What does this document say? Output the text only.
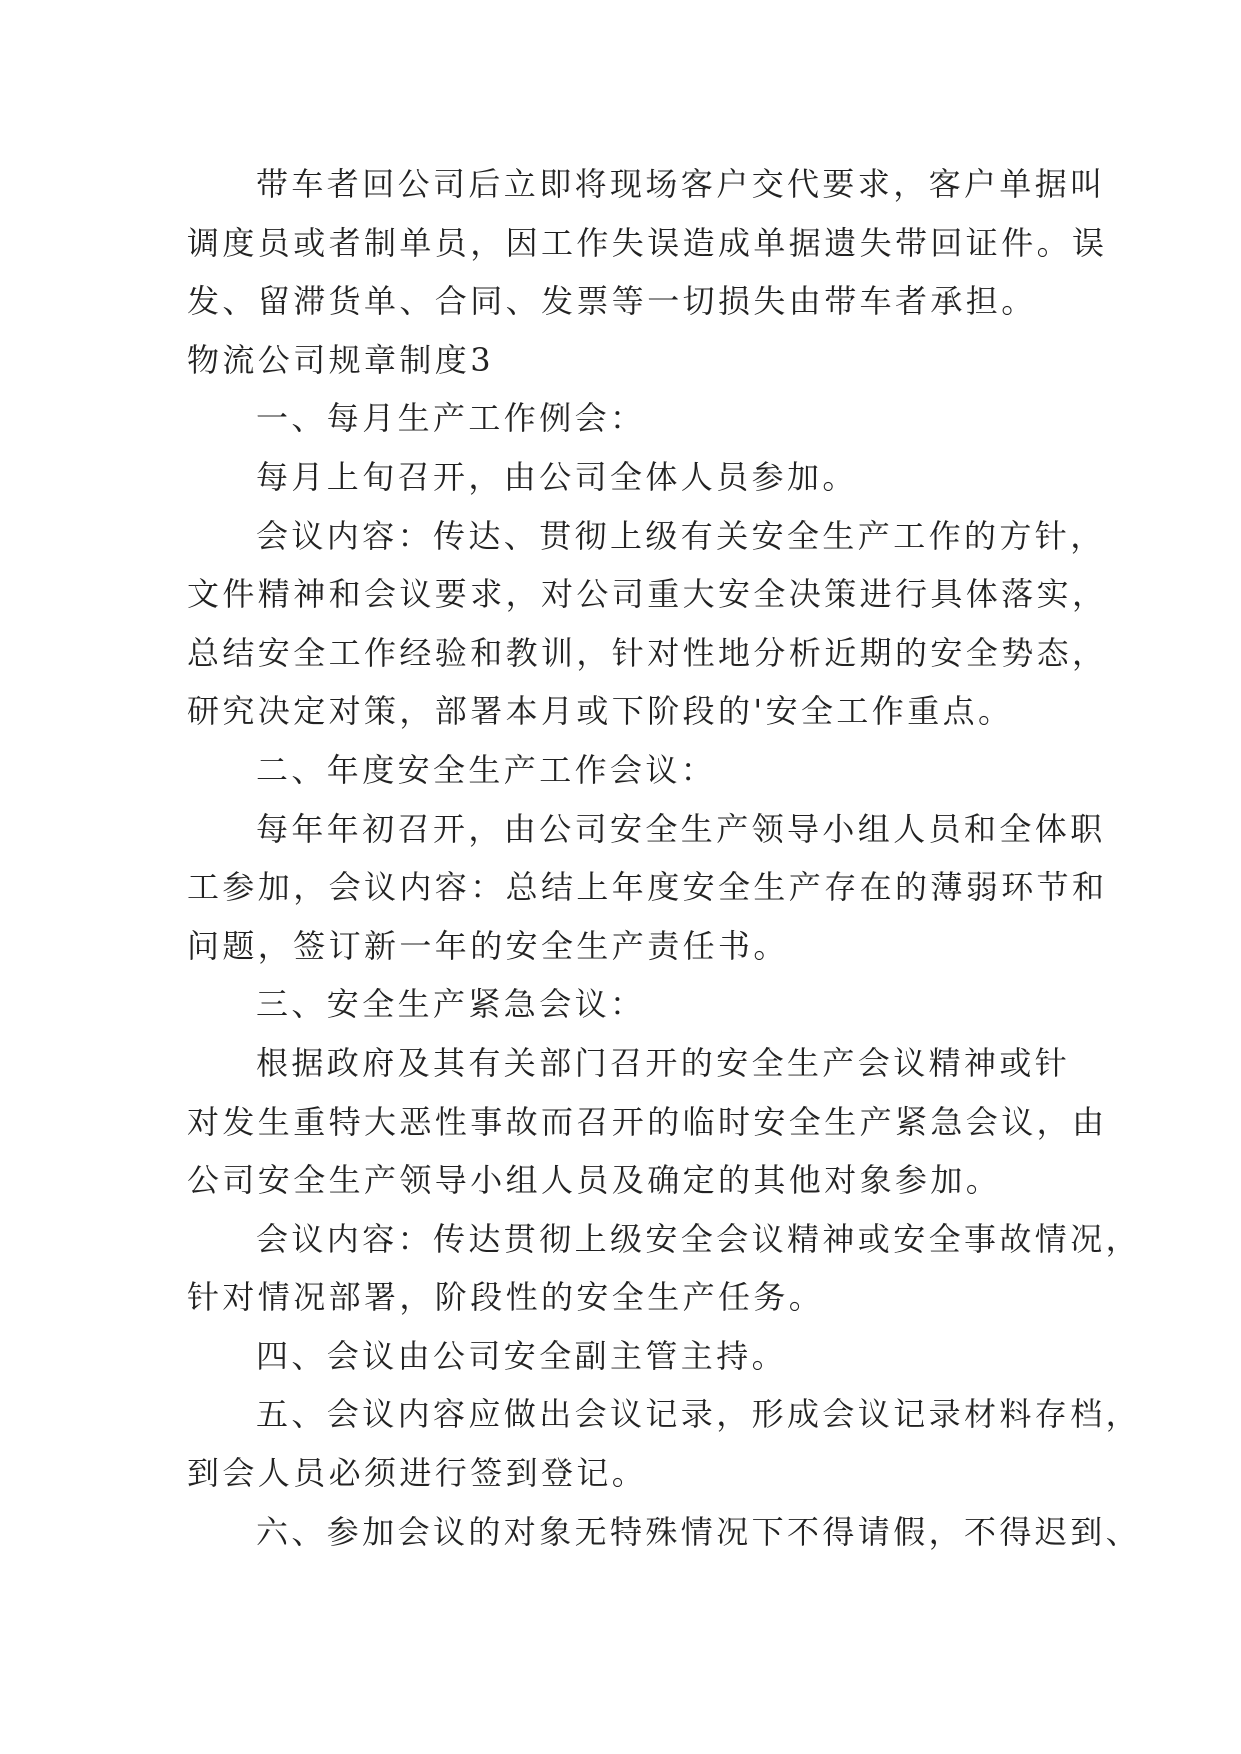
带车者回公司后立即将现场客户交代要求，客户单据叫
调度员或者制单员，因工作失误造成单据遗失带回证件。误
发、留滞货单、合同、发票等一切损失由带车者承担。
物流公司规章制度3
一、每月生产工作例会：
每月上旬召开，由公司全体人员参加。
会议内容：传达、贯彻上级有关安全生产工作的方针，
文件精神和会议要求，对公司重大安全决策进行具体落实，
总结安全工作经验和教训，针对性地分析近期的安全势态，
研究决定对策，部署本月或下阶段的'安全工作重点。
二、年度安全生产工作会议：
每年年初召开，由公司安全生产领导小组人员和全体职
工参加，会议内容：总结上年度安全生产存在的薄弱环节和
问题，签订新一年的安全生产责任书。
三、安全生产紧急会议：
根据政府及其有关部门召开的安全生产会议精神或针
对发生重特大恶性事故而召开的临时安全生产紧急会议，由
公司安全生产领导小组人员及确定的其他对象参加。
会议内容：传达贯彻上级安全会议精神或安全事故情况，
针对情况部署，阶段性的安全生产任务。
四、会议由公司安全副主管主持。
五、会议内容应做出会议记录，形成会议记录材料存档，
到会人员必须进行签到登记。
六、参加会议的对象无特殊情况下不得请假，不得迟到、
